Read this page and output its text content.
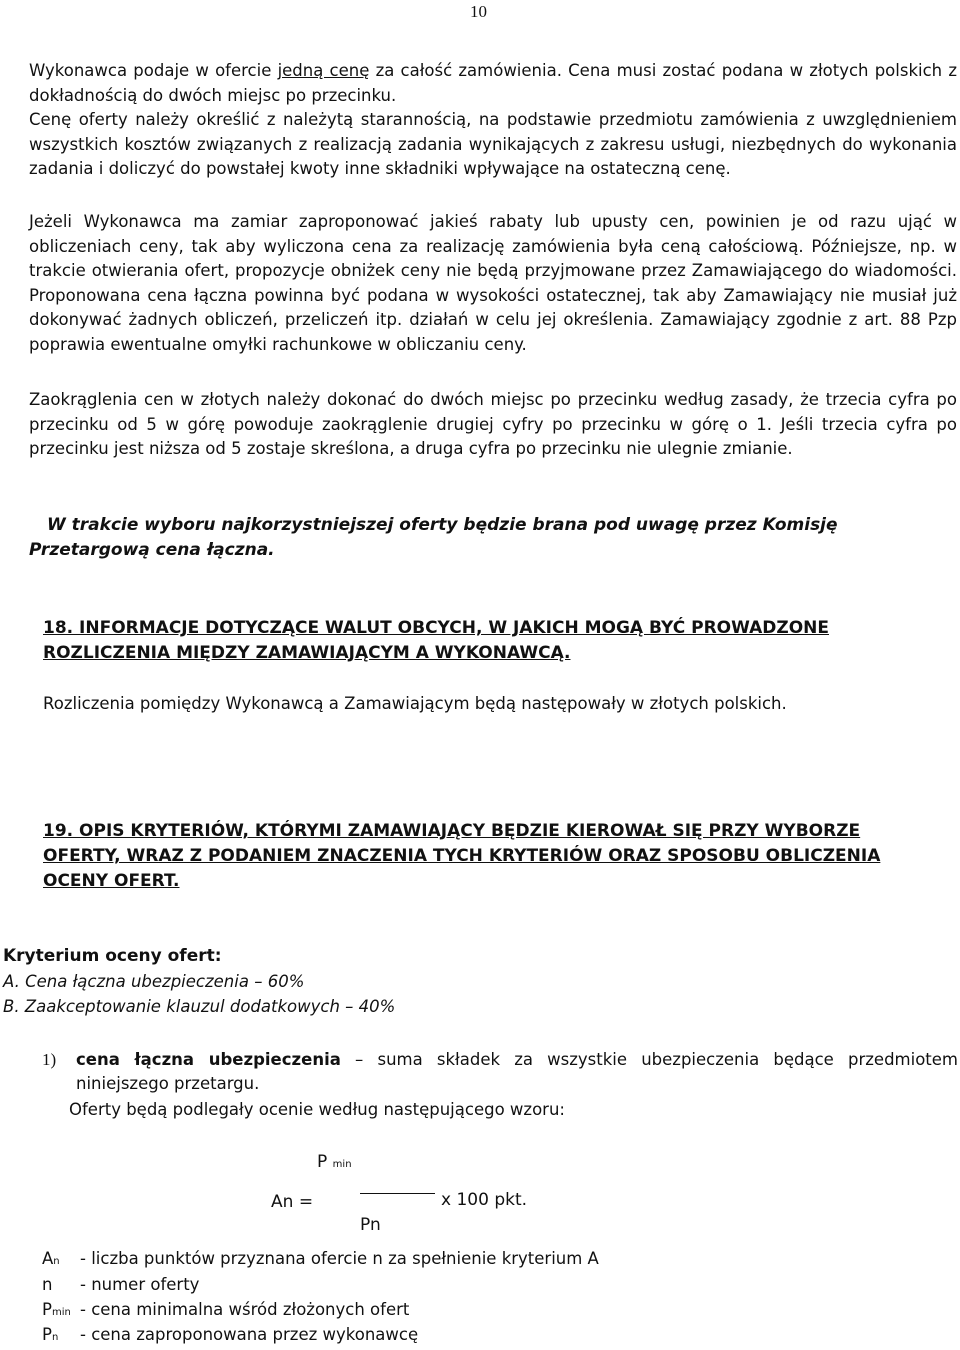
10

Wykonawca podaje w ofercie jedną cenę za całość zamówienia. Cena musi zostać podana w złotych polskich z dokładnością do dwóch miejsc po przecinku.

Cenę oferty należy określić z należytą starannością, na podstawie przedmiotu zamówienia z uwzględnieniem wszystkich kosztów związanych z realizacją zadania wynikających z zakresu usługi, niezbędnych do wykonania zadania i doliczyć do powstałej kwoty inne składniki wpływające na ostateczną cenę.

Jeżeli Wykonawca ma zamiar zaproponować jakieś rabaty lub upusty cen, powinien je od razu ująć w obliczeniach ceny, tak aby wyliczona cena za realizację zamówienia była ceną całościową. Późniejsze, np. w trakcie otwierania ofert, propozycje obniżek ceny nie będą przyjmowane przez Zamawiającego do wiadomości. Proponowana cena łączna powinna być podana w wysokości ostatecznej, tak aby Zamawiający nie musiał już dokonywać żadnych obliczeń, przeliczeń itp. działań w celu jej określenia. Zamawiający zgodnie z art. 88 Pzp poprawia ewentualne omyłki rachunkowe w obliczaniu ceny.

Zaokrąglenia cen w złotych należy dokonać do dwóch miejsc po przecinku według zasady, że trzecia cyfra po przecinku od 5 w górę powoduje zaokrąglenie drugiej cyfry po przecinku w górę o 1. Jeśli trzecia cyfra po przecinku jest niższa od 5 zostaje skreślona, a druga cyfra po przecinku nie ulegnie zmianie.

W trakcie wyboru najkorzystniejszej oferty będzie brana pod uwagę przez Komisję Przetargową cena łączna.

18. INFORMACJE DOTYCZĄCE WALUT OBCYCH, W JAKICH MOGĄ BYĆ PROWADZONE ROZLICZENIA MIĘDZY ZAMAWIAJĄCYM A WYKONAWCĄ.

Rozliczenia pomiędzy Wykonawcą a Zamawiającym będą następowały w złotych polskich.

19. OPIS KRYTERIÓW, KTÓRYMI ZAMAWIAJĄCY BĘDZIE KIEROWAŁ SIĘ PRZY WYBORZE OFERTY, WRAZ Z PODANIEM ZNACZENIA TYCH KRYTERIÓW ORAZ SPOSOBU OBLICZENIA OCENY OFERT.

Kryterium oceny ofert:
A. Cena łączna ubezpieczenia – 60%
B. Zaakceptowanie klauzul dodatkowych – 40%
1) cena łączna ubezpieczenia – suma składek za wszystkie ubezpieczenia będące przedmiotem niniejszego przetargu.

Oferty będą podlegały ocenie według następującego wzoru:
P min
An =	x 100 pkt.
Pn
An - liczba punktów przyznana ofercie n za spełnienie kryterium A
n - numer oferty
Pmin - cena minimalna wśród złożonych ofert
Pn - cena zaproponowana przez wykonawcę
